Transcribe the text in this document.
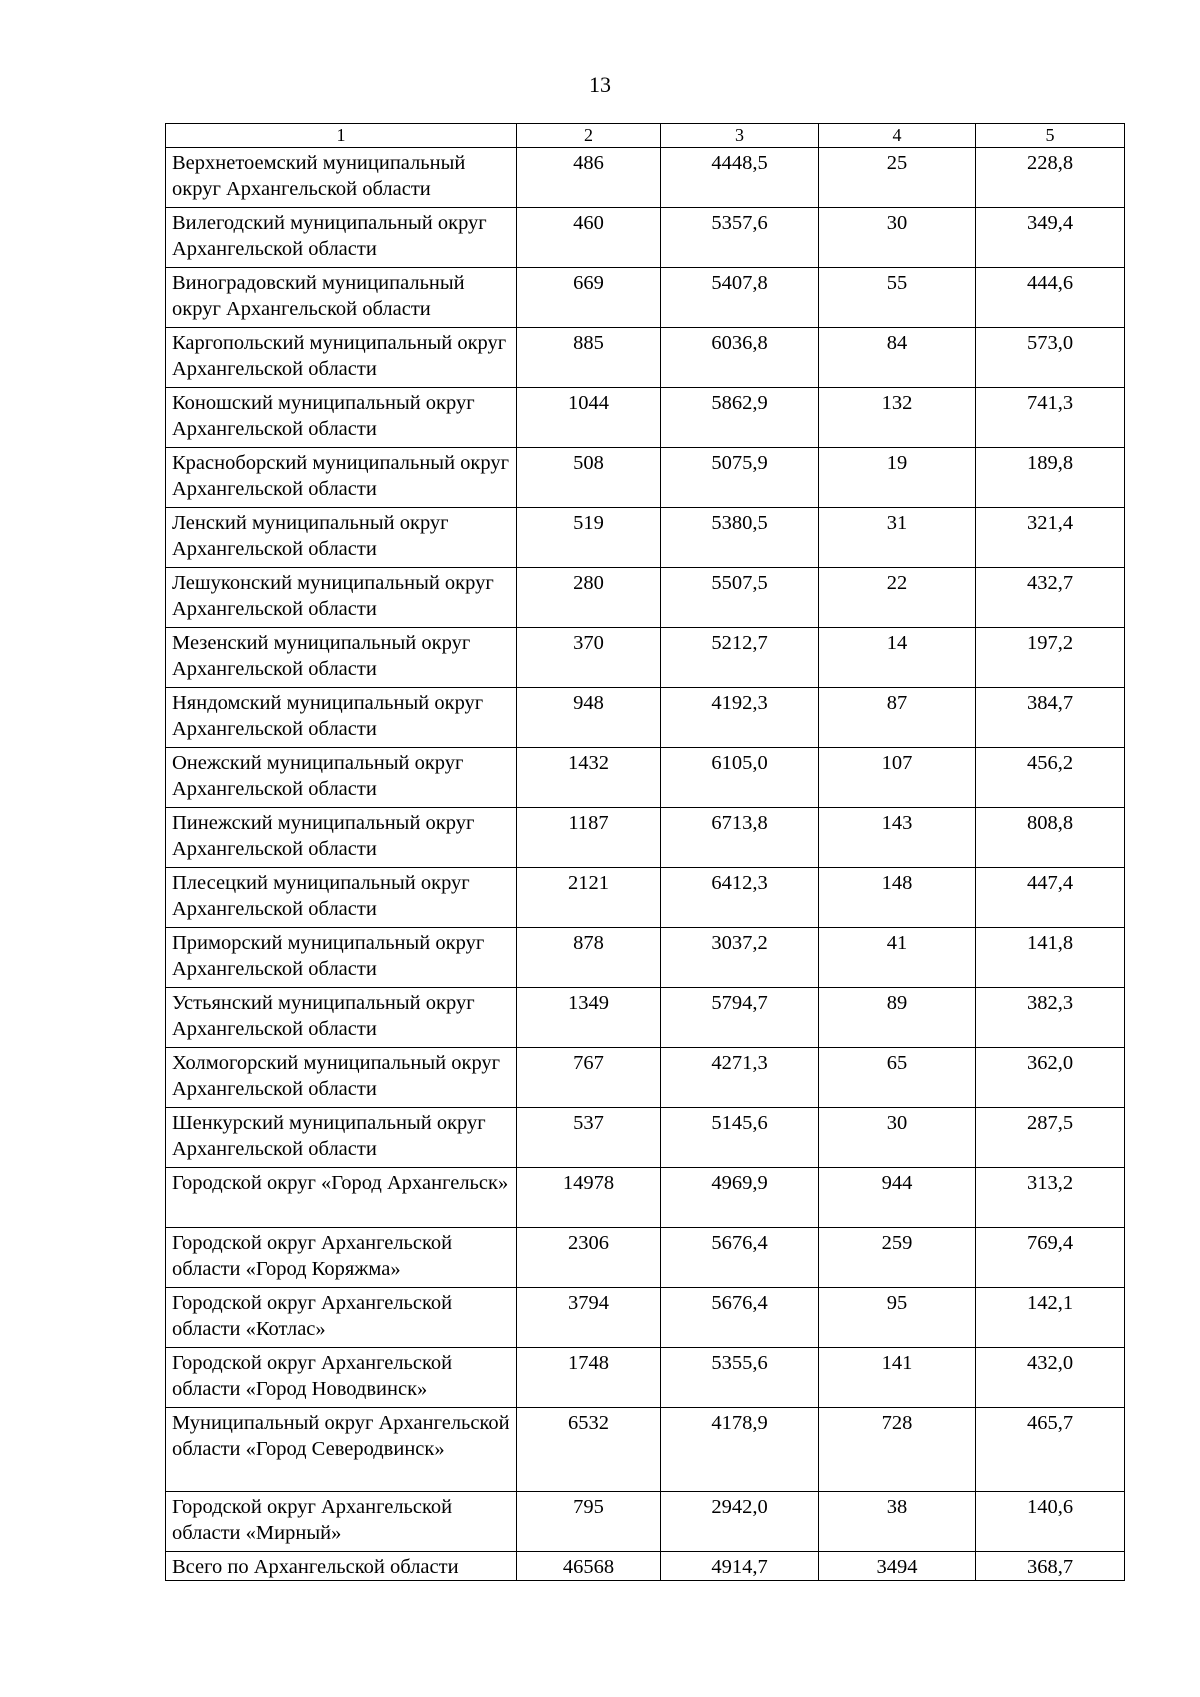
13
1	2	3	4	5
Верхнетоемский муниципальный округ Архангельской области	486	4448,5	25	228,8
Вилегодский муниципальный округ Архангельской области	460	5357,6	30	349,4
Виноградовский муниципальный округ Архангельской области	669	5407,8	55	444,6
Каргопольский муниципальный округ Архангельской области	885	6036,8	84	573,0
Коношский муниципальный округ Архангельской области	1044	5862,9	132	741,3
Красноборский муниципальный округ Архангельской области	508	5075,9	19	189,8
Ленский муниципальный округ Архангельской области	519	5380,5	31	321,4
Лешуконский муниципальный округ Архангельской области	280	5507,5	22	432,7
Мезенский муниципальный округ Архангельской области	370	5212,7	14	197,2
Няндомский муниципальный округ Архангельской области	948	4192,3	87	384,7
Онежский муниципальный округ Архангельской области	1432	6105,0	107	456,2
Пинежский муниципальный округ Архангельской области	1187	6713,8	143	808,8
Плесецкий муниципальный округ Архангельской области	2121	6412,3	148	447,4
Приморский муниципальный округ Архангельской области	878	3037,2	41	141,8
Устьянский муниципальный округ Архангельской области	1349	5794,7	89	382,3
Холмогорский муниципальный округ Архангельской области	767	4271,3	65	362,0
Шенкурский муниципальный округ Архангельской области	537	5145,6	30	287,5
Городской округ «Город Архангельск»	14978	4969,9	944	313,2
Городской округ Архангельской области «Город Коряжма»	2306	5676,4	259	769,4
Городской округ Архангельской области «Котлас»	3794	5676,4	95	142,1
Городской округ Архангельской области «Город Новодвинск»	1748	5355,6	141	432,0
Муниципальный округ Архангельской области «Город Северодвинск»	6532	4178,9	728	465,7
Городской округ Архангельской области «Мирный»	795	2942,0	38	140,6
Всего по Архангельской области	46568	4914,7	3494	368,7
